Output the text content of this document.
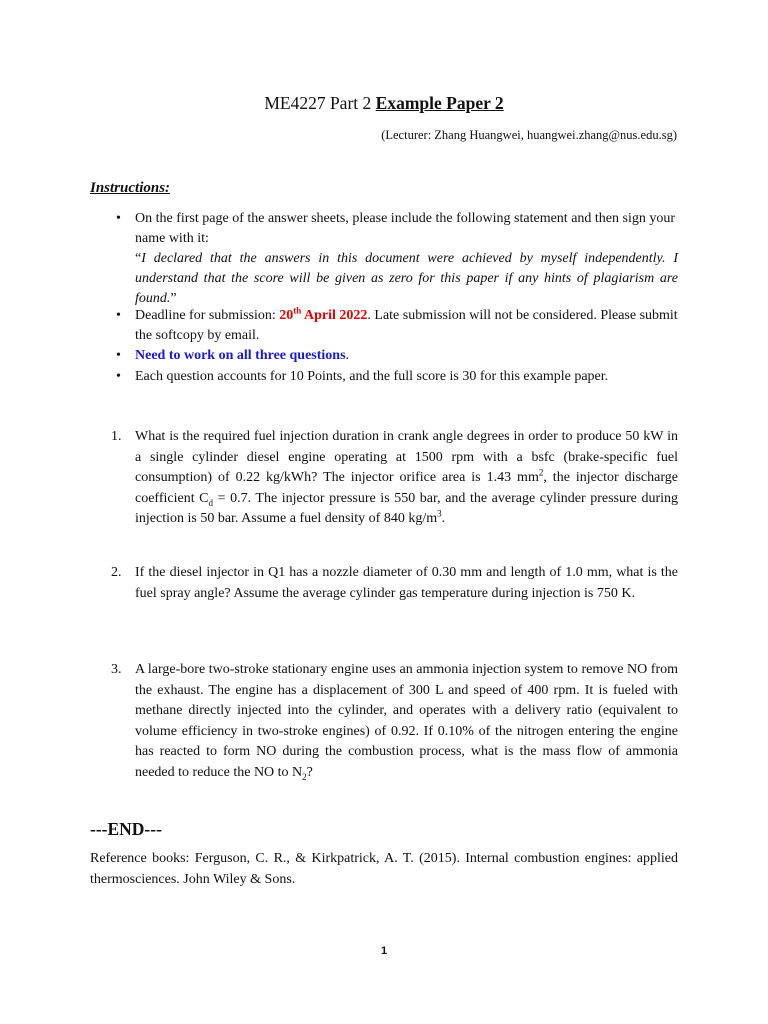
ME4227 Part 2 Example Paper 2
(Lecturer: Zhang Huangwei, huangwei.zhang@nus.edu.sg)
Instructions:
• On the first page of the answer sheets, please include the following statement and then sign your name with it:
“I declared that the answers in this document were achieved by myself independently. I understand that the score will be given as zero for this paper if any hints of plagiarism are found.”
• Deadline for submission: 20th April 2022. Late submission will not be considered. Please submit the softcopy by email.
• Need to work on all three questions.
• Each question accounts for 10 Points, and the full score is 30 for this example paper.
1. What is the required fuel injection duration in crank angle degrees in order to produce 50 kW in a single cylinder diesel engine operating at 1500 rpm with a bsfc (brake-specific fuel consumption) of 0.22 kg/kWh? The injector orifice area is 1.43 $mm^2$, the injector discharge coefficient $C_d = 0.7$. The injector pressure is 550 bar, and the average cylinder pressure during injection is 50 bar. Assume a fuel density of 840 $kg/m^3$.
2. If the diesel injector in Q1 has a nozzle diameter of 0.30 mm and length of 1.0 mm, what is the fuel spray angle? Assume the average cylinder gas temperature during injection is 750 K.
3. A large-bore two-stroke stationary engine uses an ammonia injection system to remove NO from the exhaust. The engine has a displacement of 300 L and speed of 400 rpm. It is fueled with methane directly injected into the cylinder, and operates with a delivery ratio (equivalent to volume efficiency in two-stroke engines) of 0.92. If 0.10% of the nitrogen entering the engine has reacted to form NO during the combustion process, what is the mass flow of ammonia needed to reduce the NO to $N_2$?
---END---
Reference books: Ferguson, C. R., & Kirkpatrick, A. T. (2015). Internal combustion engines: applied thermosciences. John Wiley & Sons.
1
